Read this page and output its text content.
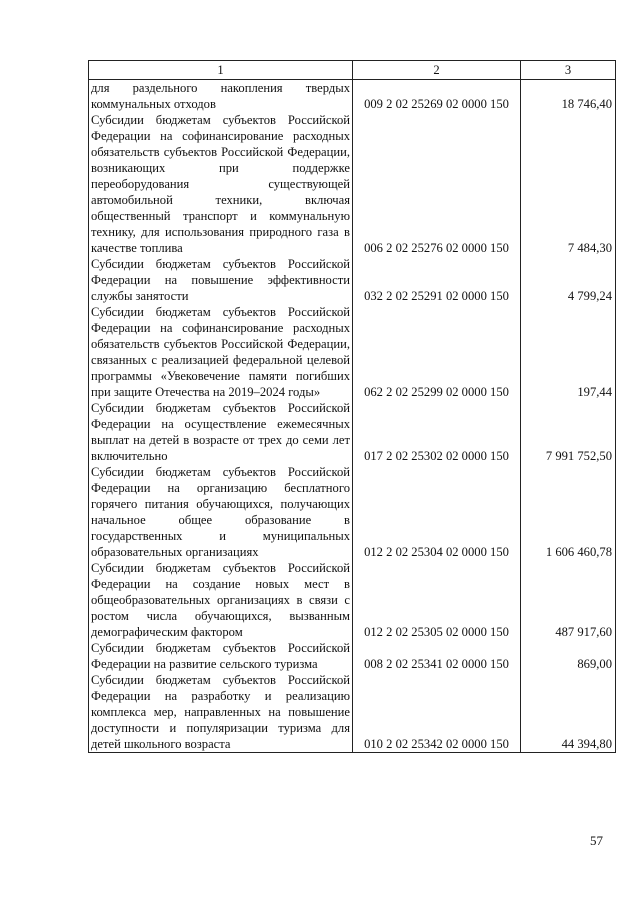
1	2	3
для раздельного накопления твердых коммунальных отходов	009 2 02 25269 02 0000 150	18 746,40
Субсидии бюджетам субъектов Российской Федерации на софинансирование расходных обязательств субъектов Российской Федерации, возникающих при поддержке переоборудования существующей автомобильной техники, включая общественный транспорт и коммунальную технику, для использования природного газа в качестве топлива	006 2 02 25276 02 0000 150	7 484,30
Субсидии бюджетам субъектов Российской Федерации на повышение эффективности службы занятости	032 2 02 25291 02 0000 150	4 799,24
Субсидии бюджетам субъектов Российской Федерации на софинансирование расходных обязательств субъектов Российской Федерации, связанных с реализацией федеральной целевой программы «Увековечение памяти погибших при защите Отечества на 2019–2024 годы»	062 2 02 25299 02 0000 150	197,44
Субсидии бюджетам субъектов Российской Федерации на осуществление ежемесячных выплат на детей в возрасте от трех до семи лет включительно	017 2 02 25302 02 0000 150	7 991 752,50
Субсидии бюджетам субъектов Российской Федерации на организацию бесплатного горячего питания обучающихся, получающих начальное общее образование в государственных и муниципальных образовательных организациях	012 2 02 25304 02 0000 150	1 606 460,78
Субсидии бюджетам субъектов Российской Федерации на создание новых мест в общеобразовательных организациях в связи с ростом числа обучающихся, вызванным демографическим фактором	012 2 02 25305 02 0000 150	487 917,60
Субсидии бюджетам субъектов Российской Федерации на развитие сельского туризма	008 2 02 25341 02 0000 150	869,00
Субсидии бюджетам субъектов Российской Федерации на разработку и реализацию комплекса мер, направленных на повышение доступности и популяризации туризма для детей школьного возраста	010 2 02 25342 02 0000 150	44 394,80
57
